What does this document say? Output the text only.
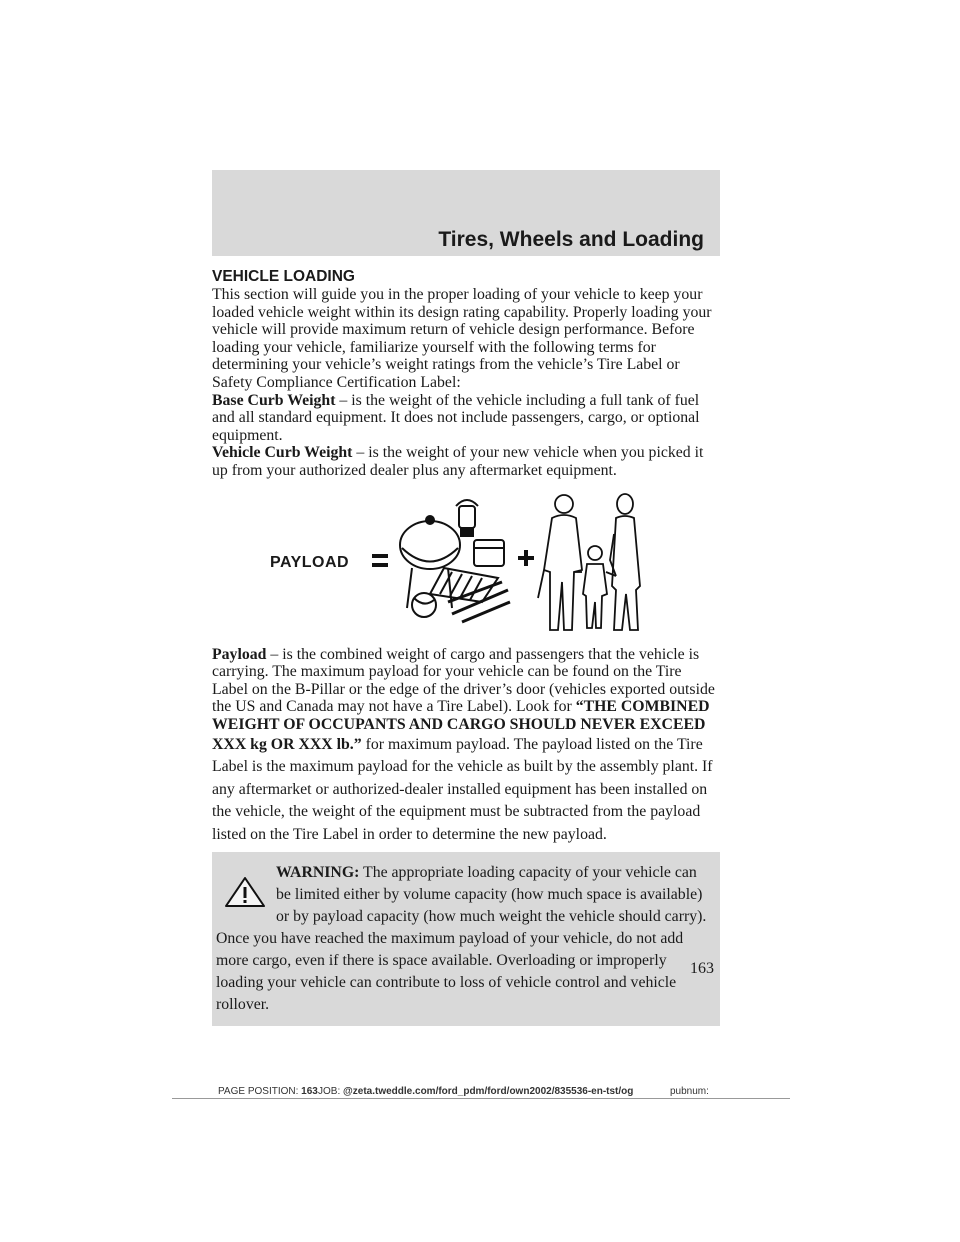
Tires, Wheels and Loading
VEHICLE LOADING

This section will guide you in the proper loading of your vehicle to keep your loaded vehicle weight within its design rating capability. Properly loading your vehicle will provide maximum return of vehicle design performance. Before loading your vehicle, familiarize yourself with the following terms for determining your vehicle’s weight ratings from the vehicle’s Tire Label or Safety Compliance Certification Label:

Base Curb Weight – is the weight of the vehicle including a full tank of fuel and all standard equipment. It does not include passengers, cargo, or optional equipment.

Vehicle Curb Weight – is the weight of your new vehicle when you picked it up from your authorized dealer plus any aftermarket equipment.

PAYLOAD

Payload – is the combined weight of cargo and passengers that the vehicle is carrying. The maximum payload for your vehicle can be found on the Tire Label on the B-Pillar or the edge of the driver’s door (vehicles exported outside the US and Canada may not have a Tire Label). Look for “THE COMBINED WEIGHT OF OCCUPANTS AND CARGO SHOULD NEVER EXCEED XXX kg OR XXX lb.” for maximum payload. The payload listed on the Tire Label is the maximum payload for the vehicle as built by the assembly plant. If any aftermarket or authorized-dealer installed equipment has been installed on the vehicle, the weight of the equipment must be subtracted from the payload listed on the Tire Label in order to determine the new payload.

WARNING: The appropriate loading capacity of your vehicle can be limited either by volume capacity (how much space is available) or by payload capacity (how much weight the vehicle should carry). Once you have reached the maximum payload of your vehicle, do not add more cargo, even if there is space available. Overloading or improperly loading your vehicle can contribute to loss of vehicle control and vehicle rollover.
163
PAGE POSITION: 163 JOB: @zeta.tweddle.com/ford_pdm/ford/own2002/835536-en-tst/og	pubnum:
